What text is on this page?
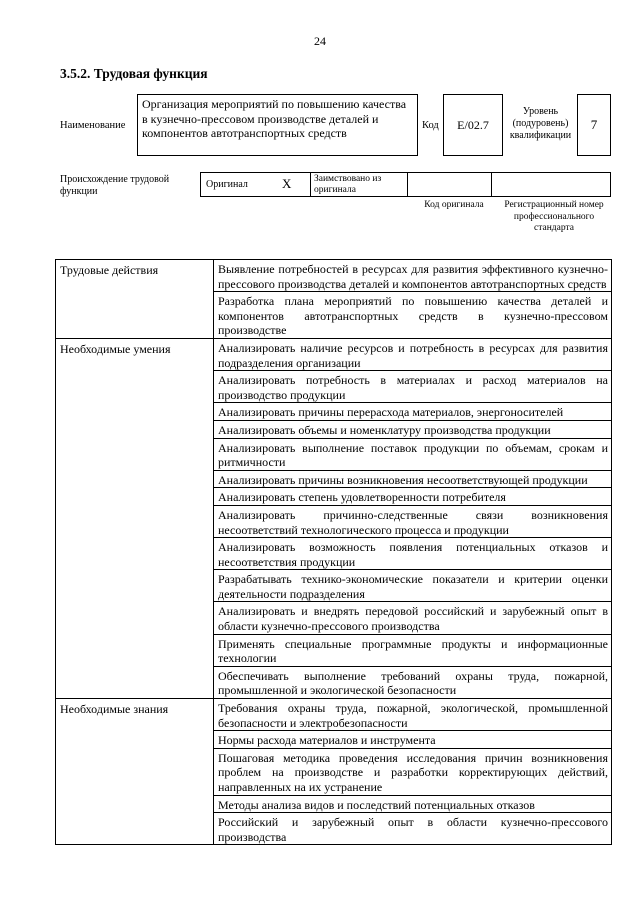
24
3.5.2. Трудовая функция
Наименование
Организация мероприятий по повышению качества в кузнечно-прессовом производстве деталей и компонентов автотранспортных средств
Код	E/02.7
Уровень (подуровень) квалификации
7
Происхождение трудовой функции
Оригинал	X	Заимствовано из оригинала
Код оригинала	Регистрационный номер профессионального стандарта
Трудовые действия	Выявление потребностей в ресурсах для развития эффективного кузнечно-прессового производства деталей и компонентов автотранспортных средств
	Разработка плана мероприятий по повышению качества деталей и компонентов автотранспортных средств в кузнечно-прессовом производстве
Необходимые умения	Анализировать наличие ресурсов и потребность в ресурсах для развития подразделения организации
	Анализировать потребность в материалах и расход материалов на производство продукции
	Анализировать причины перерасхода материалов, энергоносителей
	Анализировать объемы и номенклатуру производства продукции
	Анализировать выполнение поставок продукции по объемам, срокам и ритмичности
	Анализировать причины возникновения несоответствующей продукции
	Анализировать степень удовлетворенности потребителя
	Анализировать причинно-следственные связи возникновения несоответствий технологического процесса и продукции
	Анализировать возможность появления потенциальных отказов и несоответствия продукции
	Разрабатывать технико-экономические показатели и критерии оценки деятельности подразделения
	Анализировать и внедрять передовой российский и зарубежный опыт в области кузнечно-прессового производства
	Применять специальные программные продукты и информационные технологии
	Обеспечивать выполнение требований охраны труда, пожарной, промышленной и экологической безопасности
Необходимые знания	Требования охраны труда, пожарной, экологической, промышленной безопасности и электробезопасности
	Нормы расхода материалов и инструмента
	Пошаговая методика проведения исследования причин возникновения проблем на производстве и разработки корректирующих действий, направленных на их устранение
	Методы анализа видов и последствий потенциальных отказов
	Российский и зарубежный опыт в области кузнечно-прессового производства
